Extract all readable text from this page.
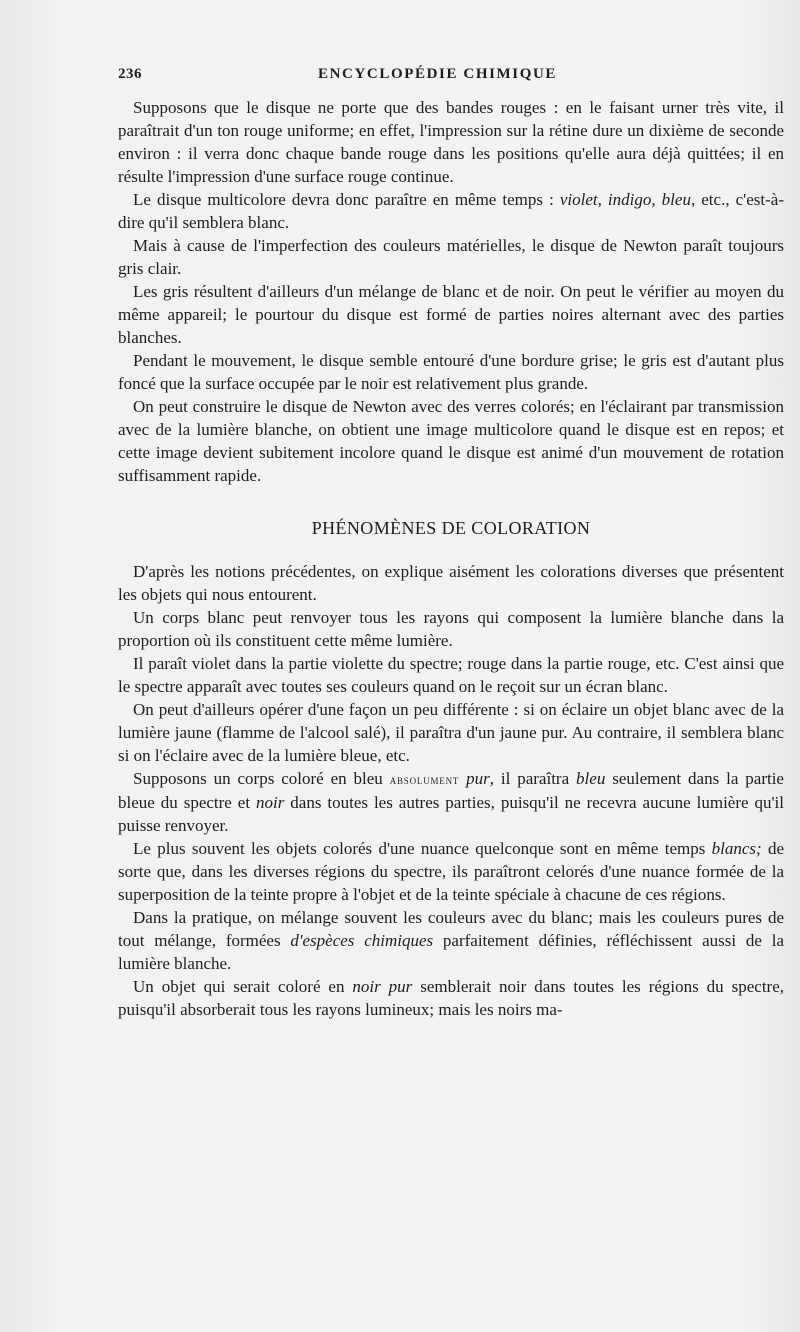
236	ENCYCLOPÉDIE CHIMIQUE

Supposons que le disque ne porte que des bandes rouges : en le faisant urner très vite, il paraîtrait d'un ton rouge uniforme; en effet, l'impression sur la rétine dure un dixième de seconde environ : il verra donc chaque bande rouge dans les positions qu'elle aura déjà quittées; il en résulte l'impression d'une surface rouge continue.

Le disque multicolore devra donc paraître en même temps : violet, indigo, bleu, etc., c'est-à-dire qu'il semblera blanc.

Mais à cause de l'imperfection des couleurs matérielles, le disque de Newton paraît toujours gris clair.

Les gris résultent d'ailleurs d'un mélange de blanc et de noir. On peut le vérifier au moyen du même appareil; le pourtour du disque est formé de parties noires alternant avec des parties blanches.

Pendant le mouvement, le disque semble entouré d'une bordure grise; le gris est d'autant plus foncé que la surface occupée par le noir est relativement plus grande.

On peut construire le disque de Newton avec des verres colorés; en l'éclairant par transmission avec de la lumière blanche, on obtient une image multicolore quand le disque est en repos; et cette image devient subitement incolore quand le disque est animé d'un mouvement de rotation suffisamment rapide.

PHÉNOMÈNES DE COLORATION

D'après les notions précédentes, on explique aisément les colorations diverses que présentent les objets qui nous entourent.

Un corps blanc peut renvoyer tous les rayons qui composent la lumière blanche dans la proportion où ils constituent cette même lumière.

Il paraît violet dans la partie violette du spectre; rouge dans la partie rouge, etc. C'est ainsi que le spectre apparaît avec toutes ses couleurs quand on le reçoit sur un écran blanc.

On peut d'ailleurs opérer d'une façon un peu différente : si on éclaire un objet blanc avec de la lumière jaune (flamme de l'alcool salé), il paraîtra d'un jaune pur. Au contraire, il semblera blanc si on l'éclaire avec de la lumière bleue, etc.

Supposons un corps coloré en bleu absolument pur, il paraîtra bleu seulement dans la partie bleue du spectre et noir dans toutes les autres parties, puisqu'il ne recevra aucune lumière qu'il puisse renvoyer.

Le plus souvent les objets colorés d'une nuance quelconque sont en même temps blancs; de sorte que, dans les diverses régions du spectre, ils paraîtront celorés d'une nuance formée de la superposition de la teinte propre à l'objet et de la teinte spéciale à chacune de ces régions.

Dans la pratique, on mélange souvent les couleurs avec du blanc; mais les couleurs pures de tout mélange, formées d'espèces chimiques parfaitement définies, réfléchissent aussi de la lumière blanche.

Un objet qui serait coloré en noir pur semblerait noir dans toutes les régions du spectre, puisqu'il absorberait tous les rayons lumineux; mais les noirs ma-
